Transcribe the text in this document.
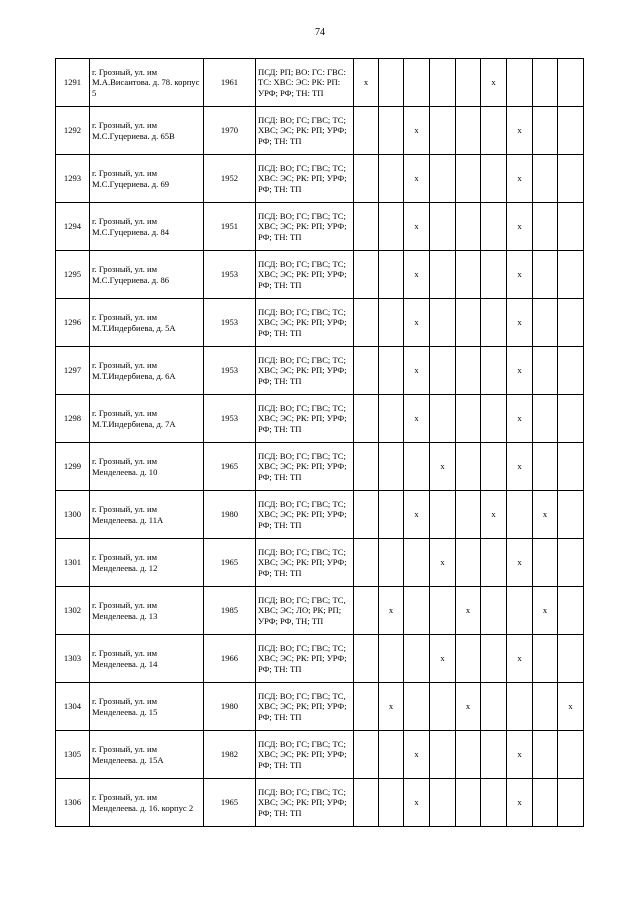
74
1291	г. Грозный, ул. им М.А.Висаитова. д. 78. корпус 5	1961	ПСД: РП; ВО: ГС: ГВС: ТС: ХВС: ЭС: РК: РП: УРФ; РФ; ТН: ТП	x					x			
1292	г. Грозный, ул. им М.С.Гуцериева. д. 65В	1970	ПСД: ВО; ГС; ГВС; ТС; ХВС; ЭС; РК: РП; УРФ; РФ; ТН: ТП			x				x		
1293	г. Грозный, ул. им М.С.Гуцериева. д. 69	1952	ПСД: ВО; ГС; ГВС; ТС; ХВС: ЭС; РК: РП; УРФ; РФ; ТН: ТП			x				x		
1294	г. Грозный, ул. им М.С.Гуцериева. д. 84	1951	ПСД: ВО; ГС; ГВС; ТС; ХВС; ЭС; РК: РП; УРФ; РФ; ТН: ТП			x				x		
1295	г. Грозный, ул. им М.С.Гуцериева. д. 86	1953	ПСД: ВО; ГС; ГВС; ТС; ХВС; ЭС; РК: РП; УРФ; РФ; ТН: ТП			x				x		
1296	г. Грозный, ул. им М.Т.Индербиева, д. 5А	1953	ПСД: ВО; ГС; ГВС; ТС; ХВС; ЭС; РК: РП; УРФ; РФ; ТН: ТП			x				x		
1297	г. Грозный, ул. им М.Т.Индербиева, д. 6А	1953	ПСД: ВО; ГС; ГВС; ТС; ХВС; ЭС; РК: РП; УРФ; РФ; ТН: ТП			x				x		
1298	г. Грозный, ул. им М.Т.Индербиева, д. 7А	1953	ПСД: ВО; ГС; ГВС; ТС; ХВС; ЭС; РК: РП; УРФ; РФ; ТН: ТП			x				x		
1299	г. Грозный, ул. им Менделеева. д. 10	1965	ПСД: ВО; ГС; ГВС; ТС; ХВС; ЭС; РК: РП; УРФ; РФ; ТН: ТП				x			x		
1300	г. Грозный, ул. им Менделеева. д. 11А	1980	ПСД: ВО; ГС; ГВС; ТС; ХВС; ЭС; РК: РП; УРФ; РФ; ТН: ТП			x			x		x	
1301	г. Грозный, ул. им Менделеева. д. 12	1965	ПСД: ВО; ГС; ГВС; ТС; ХВС; ЭС; РК: РП; УРФ; РФ; ТН: ТП				x			x		
1302	г. Грозный, ул. им Менделеева. д. 13	1985	ПСД; ВО; ГС; ГВС; ТС, ХВС; ЭС; ЛО; РК; РП; УРФ; РФ, ТН; ТП		x			x			x	
1303	г. Грозный, ул. им Менделеева. д. 14	1966	ПСД: ВО; ГС; ГВС; ТС; ХВС; ЭС; РК: РП; УРФ; РФ; ТН: ТП				x			x		
1304	г. Грозный, ул. им Менделеева. д. 15	1980	ПСД: ВО; ГС; ГВС; ТС, ХВС; ЭС; РК; РП; УРФ; РФ; ТН: ТП		x			x				x
1305	г. Грозный, ул. им Менделеева. д. 15А	1982	ПСД: ВО; ГС; ГВС; ТС; ХВС; ЭС; РК: РП; УРФ; РФ; ТН: ТП			x				x		
1306	г. Грозный, ул. им Менделеева. д. 16. корпус 2	1965	ПСД: ВО; ГС; ГВС; ТС; ХВС; ЭС; РК: РП; УРФ; РФ; ТН: ТП			x				x		
